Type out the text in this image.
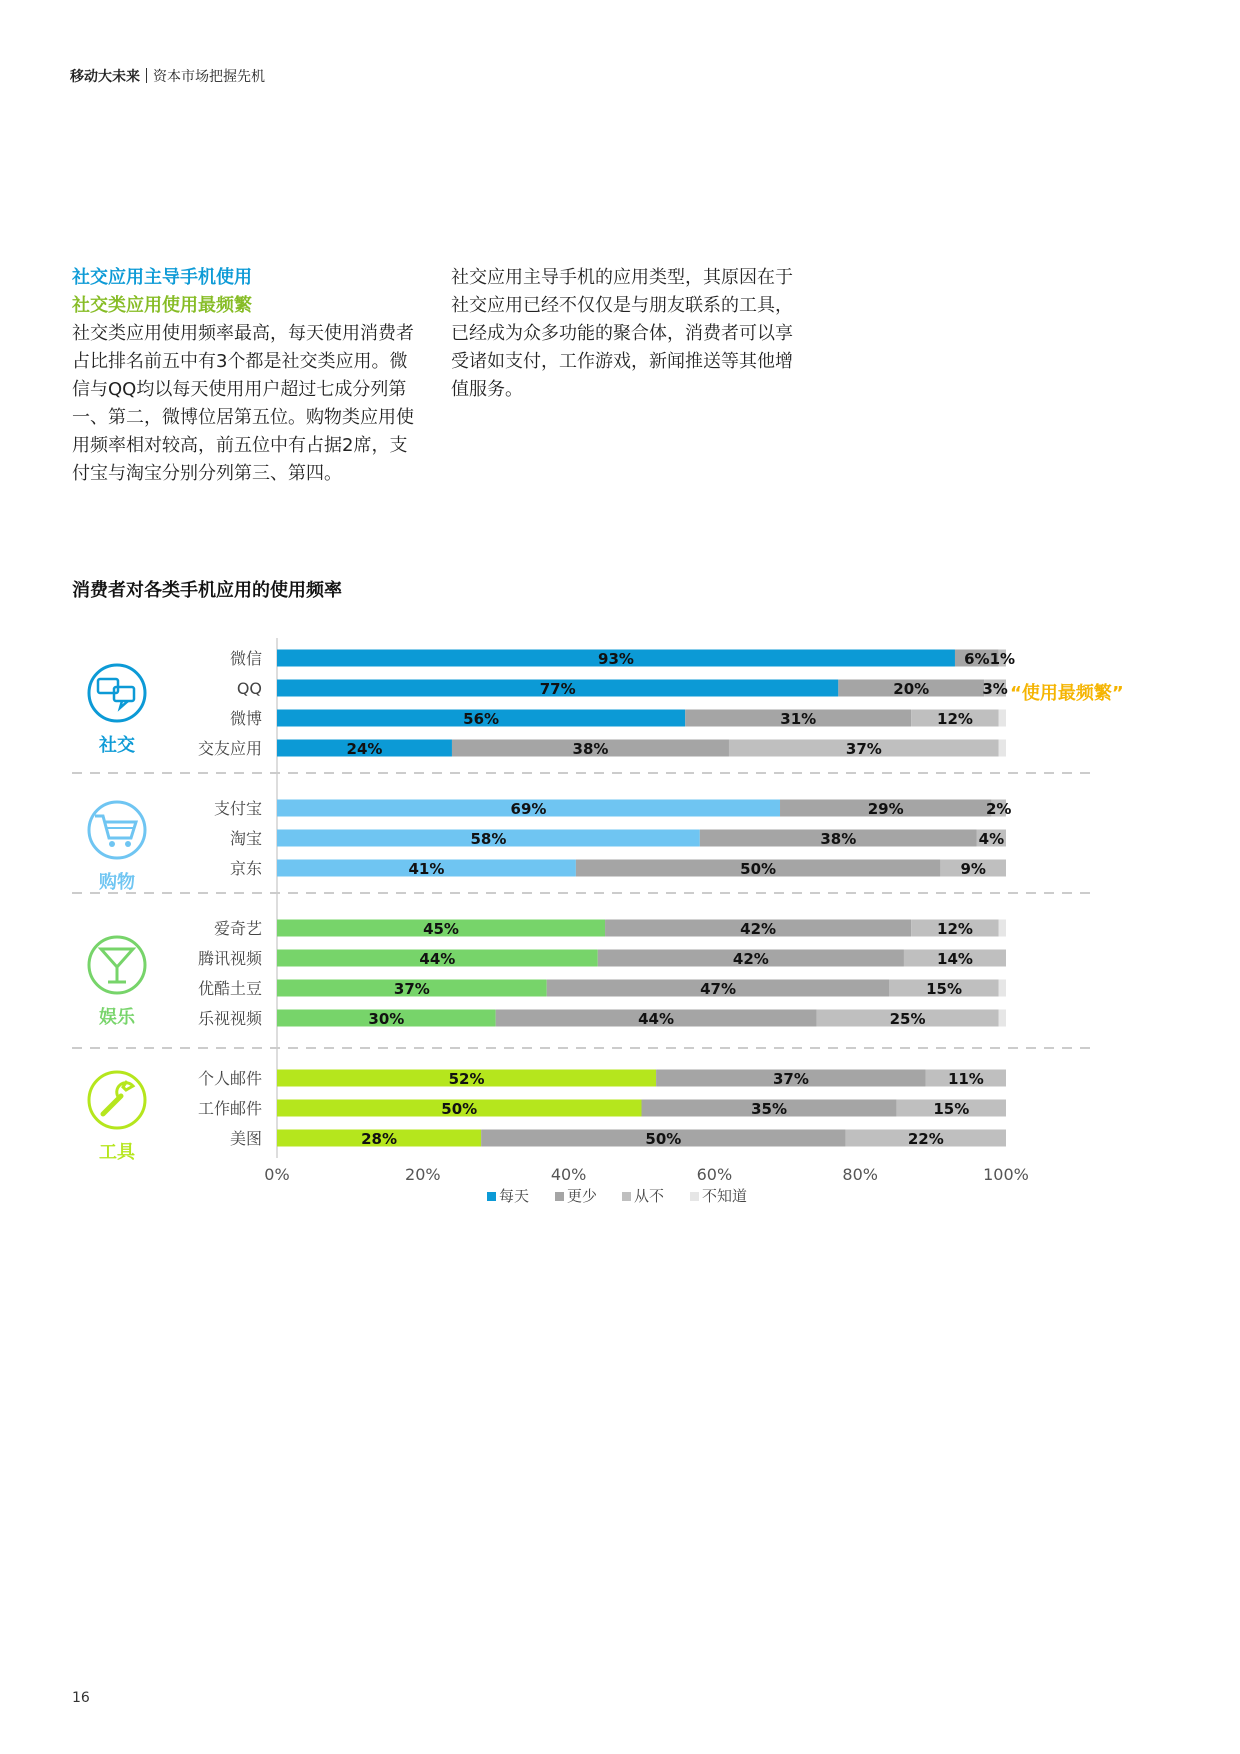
移动大未来 资本市场把握先机
社交应用主导手机使用
社交类应用使用最频繁

社交类应用使用频率最高，每天使用消费者占比排名前五中有3个都是社交类应用。微信与QQ均以每天使用用户超过七成分列第一、第二，微博位居第五位。购物类应用使用频率相对较高，前五位中有占据2席，支付宝与淘宝分别分列第三、第四。

社交应用主导手机的应用类型，其原因在于社交应用已经不仅仅是与朋友联系的工具，已经成为众多功能的聚合体，消费者可以享受诸如支付，工作游戏，新闻推送等其他增值服务。

消费者对各类手机应用的使用频率
“使用最频繁”
社交
微信	93%	6% 1%
QQ	77%	20%	3%
微博	56%	31%	12%
交友应用	24%	38%	37%
购物
支付宝	69%	29%	2%
淘宝	58%	38%	4%
京东	41%	50%	9%
娱乐
爱奇艺	45%	42%	12%
腾讯视频	44%	42%	14%
优酷土豆	37%	47%	15%
乐视视频	30%	44%	25%
工具
个人邮件	52%	37%	11%
工作邮件	50%	35%	15%
美图	28%	50%	22%
0%	20%	40%	60%	80%	100%
每天	更少 从不	不知道
16
